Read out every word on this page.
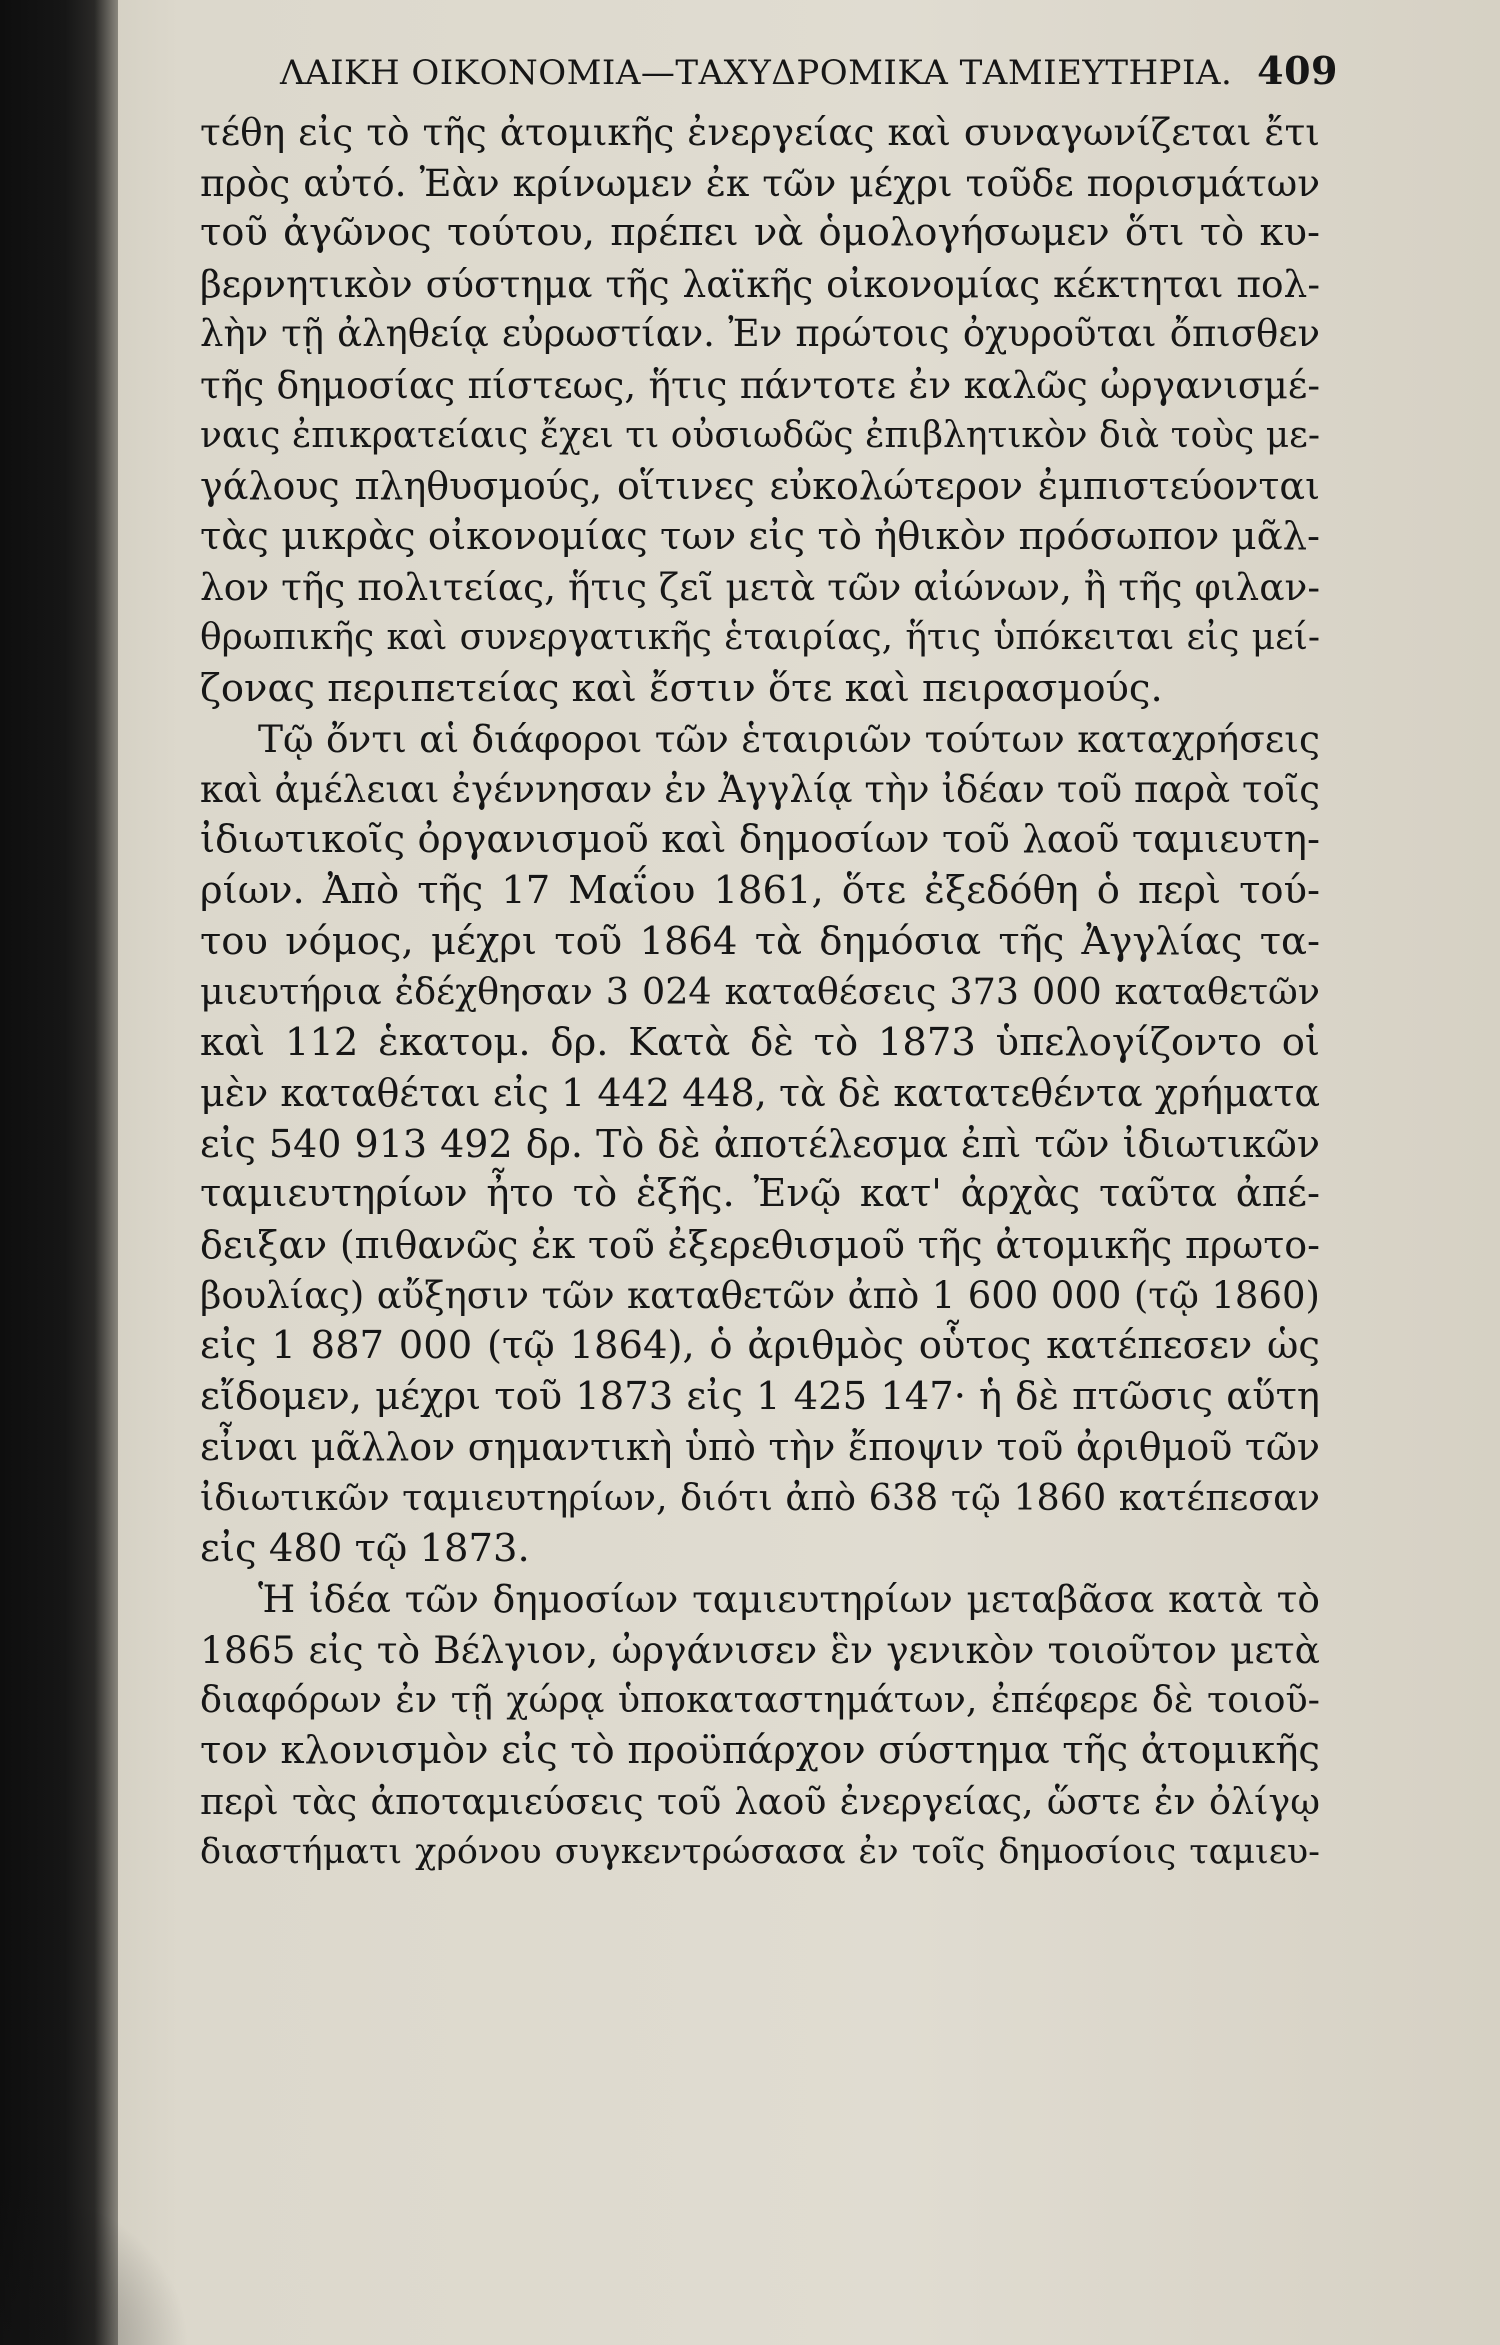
ΛΑΙΚΗ ΟΙΚΟΝΟΜΙΑ—ΤΑΧΥΔΡΟΜΙΚΑ ΤΑΜΙΕΥΤΗΡΙΑ. 409
τέθη εἰς τὸ τῆς ἀτομικῆς ἐνεργείας καὶ συναγωνίζεται ἔτι
πρὸς αὐτό. Ἐὰν κρίνωμεν ἐκ τῶν μέχρι τοῦδε πορισμάτων
τοῦ ἀγῶνος τούτου, πρέπει νὰ ὁμολογήσωμεν ὅτι τὸ κυ-
βερνητικὸν σύστημα τῆς λαϊκῆς οἰκονομίας κέκτηται πολ-
λὴν τῇ ἀληθείᾳ εὐρωστίαν. Ἐν πρώτοις ὀχυροῦται ὄπισθεν
τῆς δημοσίας πίστεως, ἥτις πάντοτε ἐν καλῶς ὠργανισμέ-
ναις ἐπικρατείαις ἔχει τι οὐσιωδῶς ἐπιβλητικὸν διὰ τοὺς με-
γάλους πληθυσμούς, οἵτινες εὐκολώτερον ἐμπιστεύονται
τὰς μικρὰς οἰκονομίας των εἰς τὸ ἠθικὸν πρόσωπον μᾶλ-
λον τῆς πολιτείας, ἥτις ζεῖ μετὰ τῶν αἰώνων, ἢ τῆς φιλαν-
θρωπικῆς καὶ συνεργατικῆς ἑταιρίας, ἥτις ὑπόκειται εἰς μεί-
ζονας περιπετείας καὶ ἔστιν ὅτε καὶ πειρασμούς.
Τῷ ὄντι αἱ διάφοροι τῶν ἑταιριῶν τούτων καταχρήσεις
καὶ ἀμέλειαι ἐγέννησαν ἐν Ἀγγλίᾳ τὴν ἰδέαν τοῦ παρὰ τοῖς
ἰδιωτικοῖς ὀργανισμοῦ καὶ δημοσίων τοῦ λαοῦ ταμιευτη-
ρίων. Ἀπὸ τῆς 17 Μαΐου 1861, ὅτε ἐξεδόθη ὁ περὶ τού-
του νόμος, μέχρι τοῦ 1864 τὰ δημόσια τῆς Ἀγγλίας τα-
μιευτήρια ἐδέχθησαν 3 024 καταθέσεις 373 000 καταθετῶν
καὶ 112 ἑκατομ. δρ. Κατὰ δὲ τὸ 1873 ὑπελογίζοντο οἱ
μὲν καταθέται εἰς 1 442 448, τὰ δὲ κατατεθέντα χρήματα
εἰς 540 913 492 δρ. Τὸ δὲ ἀποτέλεσμα ἐπὶ τῶν ἰδιωτικῶν
ταμιευτηρίων ἦτο τὸ ἑξῆς. Ἐνῷ κατ' ἀρχὰς ταῦτα ἀπέ-
δειξαν (πιθανῶς ἐκ τοῦ ἐξερεθισμοῦ τῆς ἀτομικῆς πρωτο-
βουλίας) αὔξησιν τῶν καταθετῶν ἀπὸ 1 600 000 (τῷ 1860)
εἰς 1 887 000 (τῷ 1864), ὁ ἀριθμὸς οὗτος κατέπεσεν ὡς
εἴδομεν, μέχρι τοῦ 1873 εἰς 1 425 147· ἡ δὲ πτῶσις αὕτη
εἶναι μᾶλλον σημαντικὴ ὑπὸ τὴν ἔποψιν τοῦ ἀριθμοῦ τῶν
ἰδιωτικῶν ταμιευτηρίων, διότι ἀπὸ 638 τῷ 1860 κατέπεσαν
εἰς 480 τῷ 1873.
Ἡ ἰδέα τῶν δημοσίων ταμιευτηρίων μεταβᾶσα κατὰ τὸ
1865 εἰς τὸ Βέλγιον, ὠργάνισεν ἓν γενικὸν τοιοῦτον μετὰ
διαφόρων ἐν τῇ χώρᾳ ὑποκαταστημάτων, ἐπέφερε δὲ τοιοῦ-
τον κλονισμὸν εἰς τὸ προϋπάρχον σύστημα τῆς ἀτομικῆς
περὶ τὰς ἀποταμιεύσεις τοῦ λαοῦ ἐνεργείας, ὥστε ἐν ὀλίγῳ
διαστήματι χρόνου συγκεντρώσασα ἐν τοῖς δημοσίοις ταμιευ-
